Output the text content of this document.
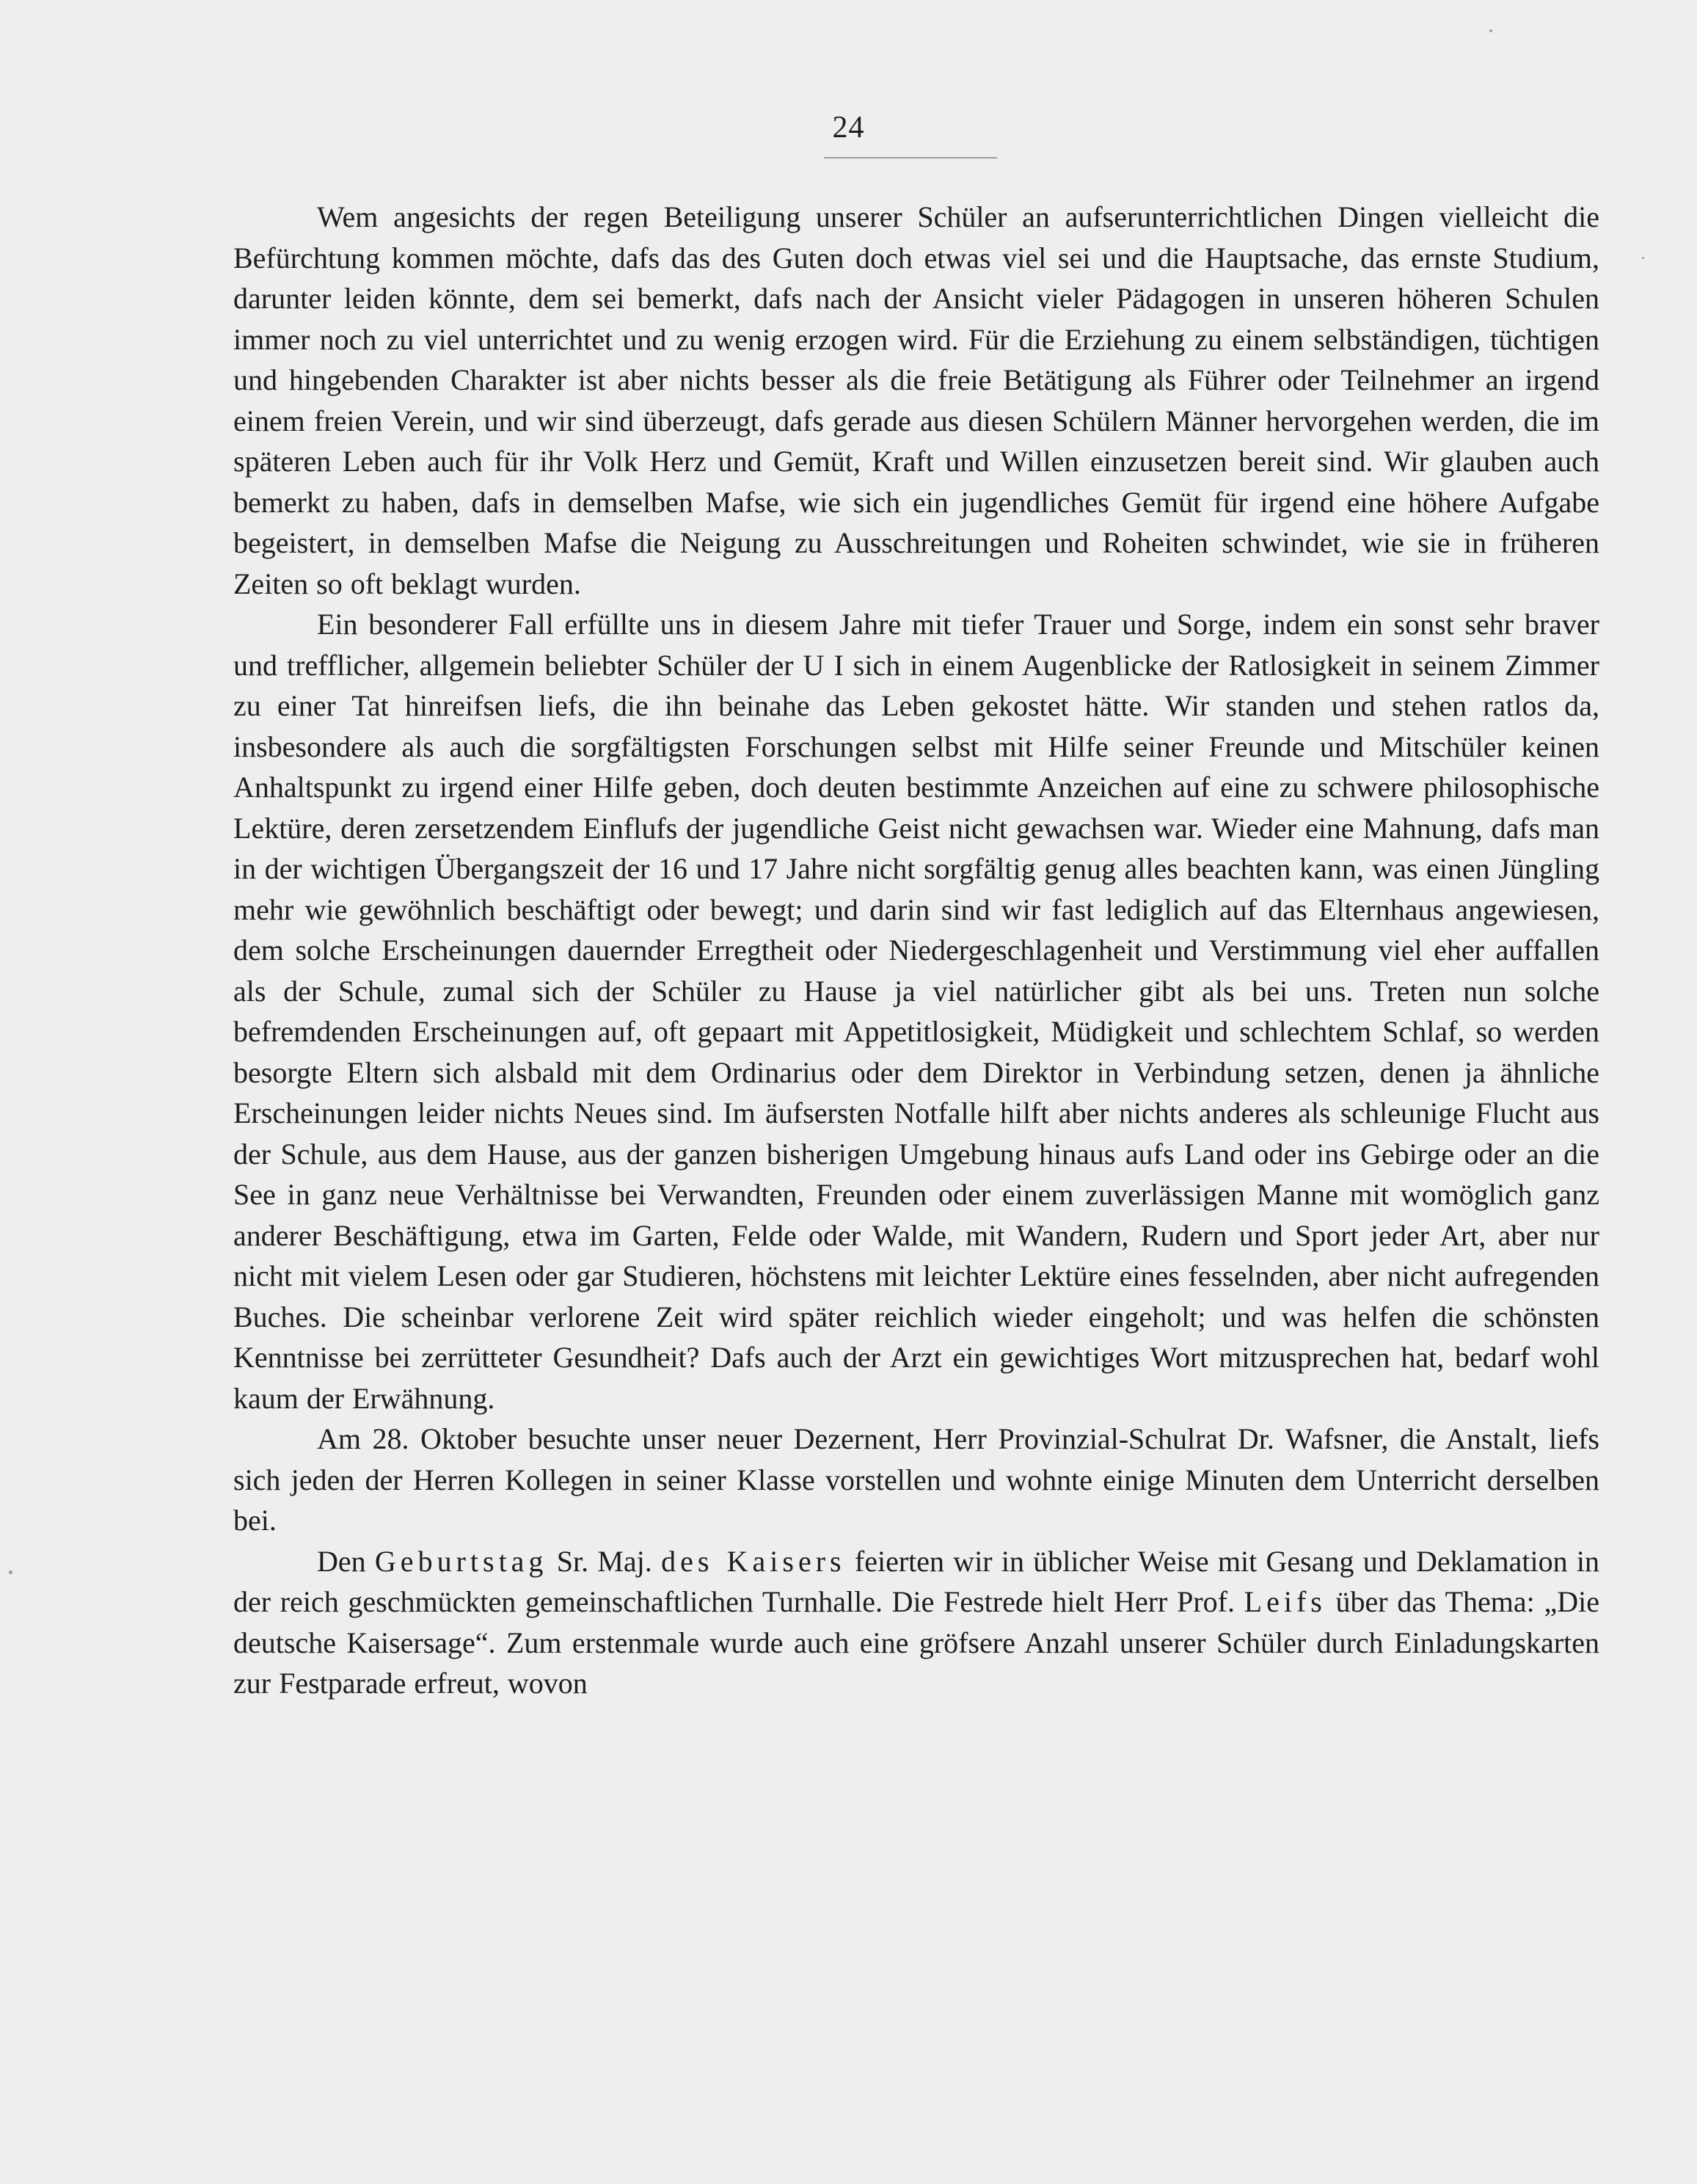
24

Wem angesichts der regen Beteiligung unserer Schüler an aufserunterrichtlichen Dingen vielleicht die Befürchtung kommen möchte, dafs das des Guten doch etwas viel sei und die Hauptsache, das ernste Studium, darunter leiden könnte, dem sei bemerkt, dafs nach der Ansicht vieler Pädagogen in unseren höheren Schulen immer noch zu viel unterrichtet und zu wenig erzogen wird. Für die Erziehung zu einem selbständigen, tüchtigen und hingebenden Charakter ist aber nichts besser als die freie Betätigung als Führer oder Teilnehmer an irgend einem freien Verein, und wir sind überzeugt, dafs gerade aus diesen Schülern Männer hervorgehen werden, die im späteren Leben auch für ihr Volk Herz und Gemüt, Kraft und Willen einzusetzen bereit sind. Wir glauben auch bemerkt zu haben, dafs in demselben Mafse, wie sich ein jugendliches Gemüt für irgend eine höhere Aufgabe begeistert, in demselben Mafse die Neigung zu Ausschreitungen und Roheiten schwindet, wie sie in früheren Zeiten so oft beklagt wurden.

Ein besonderer Fall erfüllte uns in diesem Jahre mit tiefer Trauer und Sorge, indem ein sonst sehr braver und trefflicher, allgemein beliebter Schüler der U I sich in einem Augenblicke der Ratlosigkeit in seinem Zimmer zu einer Tat hinreifsen liefs, die ihn beinahe das Leben gekostet hätte. Wir standen und stehen ratlos da, insbesondere als auch die sorgfältigsten Forschungen selbst mit Hilfe seiner Freunde und Mitschüler keinen Anhaltspunkt zu irgend einer Hilfe geben, doch deuten bestimmte Anzeichen auf eine zu schwere philosophische Lektüre, deren zersetzendem Einflufs der jugendliche Geist nicht gewachsen war. Wieder eine Mahnung, dafs man in der wichtigen Übergangszeit der 16 und 17 Jahre nicht sorgfältig genug alles beachten kann, was einen Jüngling mehr wie gewöhnlich beschäftigt oder bewegt; und darin sind wir fast lediglich auf das Elternhaus angewiesen, dem solche Erscheinungen dauernder Erregtheit oder Niedergeschlagenheit und Verstimmung viel eher auffallen als der Schule, zumal sich der Schüler zu Hause ja viel natürlicher gibt als bei uns. Treten nun solche befremdenden Erscheinungen auf, oft gepaart mit Appetitlosigkeit, Müdigkeit und schlechtem Schlaf, so werden besorgte Eltern sich alsbald mit dem Ordinarius oder dem Direktor in Verbindung setzen, denen ja ähnliche Erscheinungen leider nichts Neues sind. Im äufsersten Notfalle hilft aber nichts anderes als schleunige Flucht aus der Schule, aus dem Hause, aus der ganzen bisherigen Umgebung hinaus aufs Land oder ins Gebirge oder an die See in ganz neue Verhältnisse bei Verwandten, Freunden oder einem zuverlässigen Manne mit womöglich ganz anderer Beschäftigung, etwa im Garten, Felde oder Walde, mit Wandern, Rudern und Sport jeder Art, aber nur nicht mit vielem Lesen oder gar Studieren, höchstens mit leichter Lektüre eines fesselnden, aber nicht aufregenden Buches. Die scheinbar verlorene Zeit wird später reichlich wieder eingeholt; und was helfen die schönsten Kenntnisse bei zerrütteter Gesundheit? Dafs auch der Arzt ein gewichtiges Wort mitzusprechen hat, bedarf wohl kaum der Erwähnung.

Am 28. Oktober besuchte unser neuer Dezernent, Herr Provinzial-Schulrat Dr. Wafsner, die Anstalt, liefs sich jeden der Herren Kollegen in seiner Klasse vorstellen und wohnte einige Minuten dem Unterricht derselben bei.

Den Geburtstag Sr. Maj. des Kaisers feierten wir in üblicher Weise mit Gesang und Deklamation in der reich geschmückten gemeinschaftlichen Turnhalle. Die Festrede hielt Herr Prof. Leifs über das Thema: „Die deutsche Kaisersage“. Zum erstenmale wurde auch eine gröfsere Anzahl unserer Schüler durch Einladungskarten zur Festparade erfreut, wovon
